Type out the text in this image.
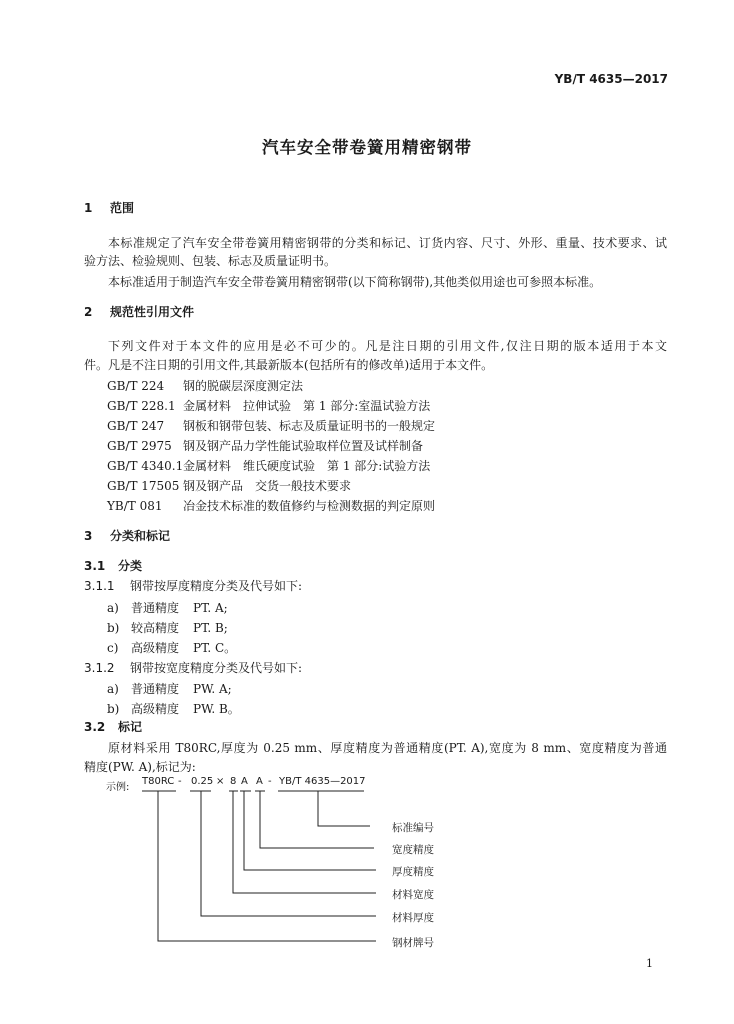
YB/T 4635—2017
汽车安全带卷簧用精密钢带
1 范围
本标准规定了汽车安全带卷簧用精密钢带的分类和标记、订货内容、尺寸、外形、重量、技术要求、试
验方法、检验规则、包装、标志及质量证明书。
本标准适用于制造汽车安全带卷簧用精密钢带(以下简称钢带),其他类似用途也可参照本标准。
2 规范性引用文件
下列文件对于本文件的应用是必不可少的。凡是注日期的引用文件,仅注日期的版本适用于本文
件。凡是不注日期的引用文件,其最新版本(包括所有的修改单)适用于本文件。
GB/T 224 钢的脱碳层深度测定法
GB/T 228.1 金属材料　拉伸试验　第 1 部分:室温试验方法
GB/T 247 钢板和钢带包装、标志及质量证明书的一般规定
GB/T 2975 钢及钢产品力学性能试验取样位置及试样制备
GB/T 4340.1金属材料　维氏硬度试验　第 1 部分:试验方法
GB/T 17505 钢及钢产品　交货一般技术要求
YB/T 081 冶金技术标准的数值修约与检测数据的判定原则
3 分类和标记
3.1 分类
3.1.1 钢带按厚度精度分类及代号如下:
a) 普通精度 PT. A;
b) 较高精度 PT. B;
c) 高级精度 PT. C。
3.1.2 钢带按宽度精度分类及代号如下:
a) 普通精度 PW. A;
b) 高级精度 PW. B。
3.2 标记
原材料采用 T80RC,厚度为 0.25 mm、厚度精度为普通精度(PT. A),宽度为 8 mm、宽度精度为普通
精度(PW. A),标记为:
示例:
T80RC - 0.25 × 8 A A - YB/T 4635—2017
标准编号
宽度精度
厚度精度
材料宽度
材料厚度
钢材牌号
1
